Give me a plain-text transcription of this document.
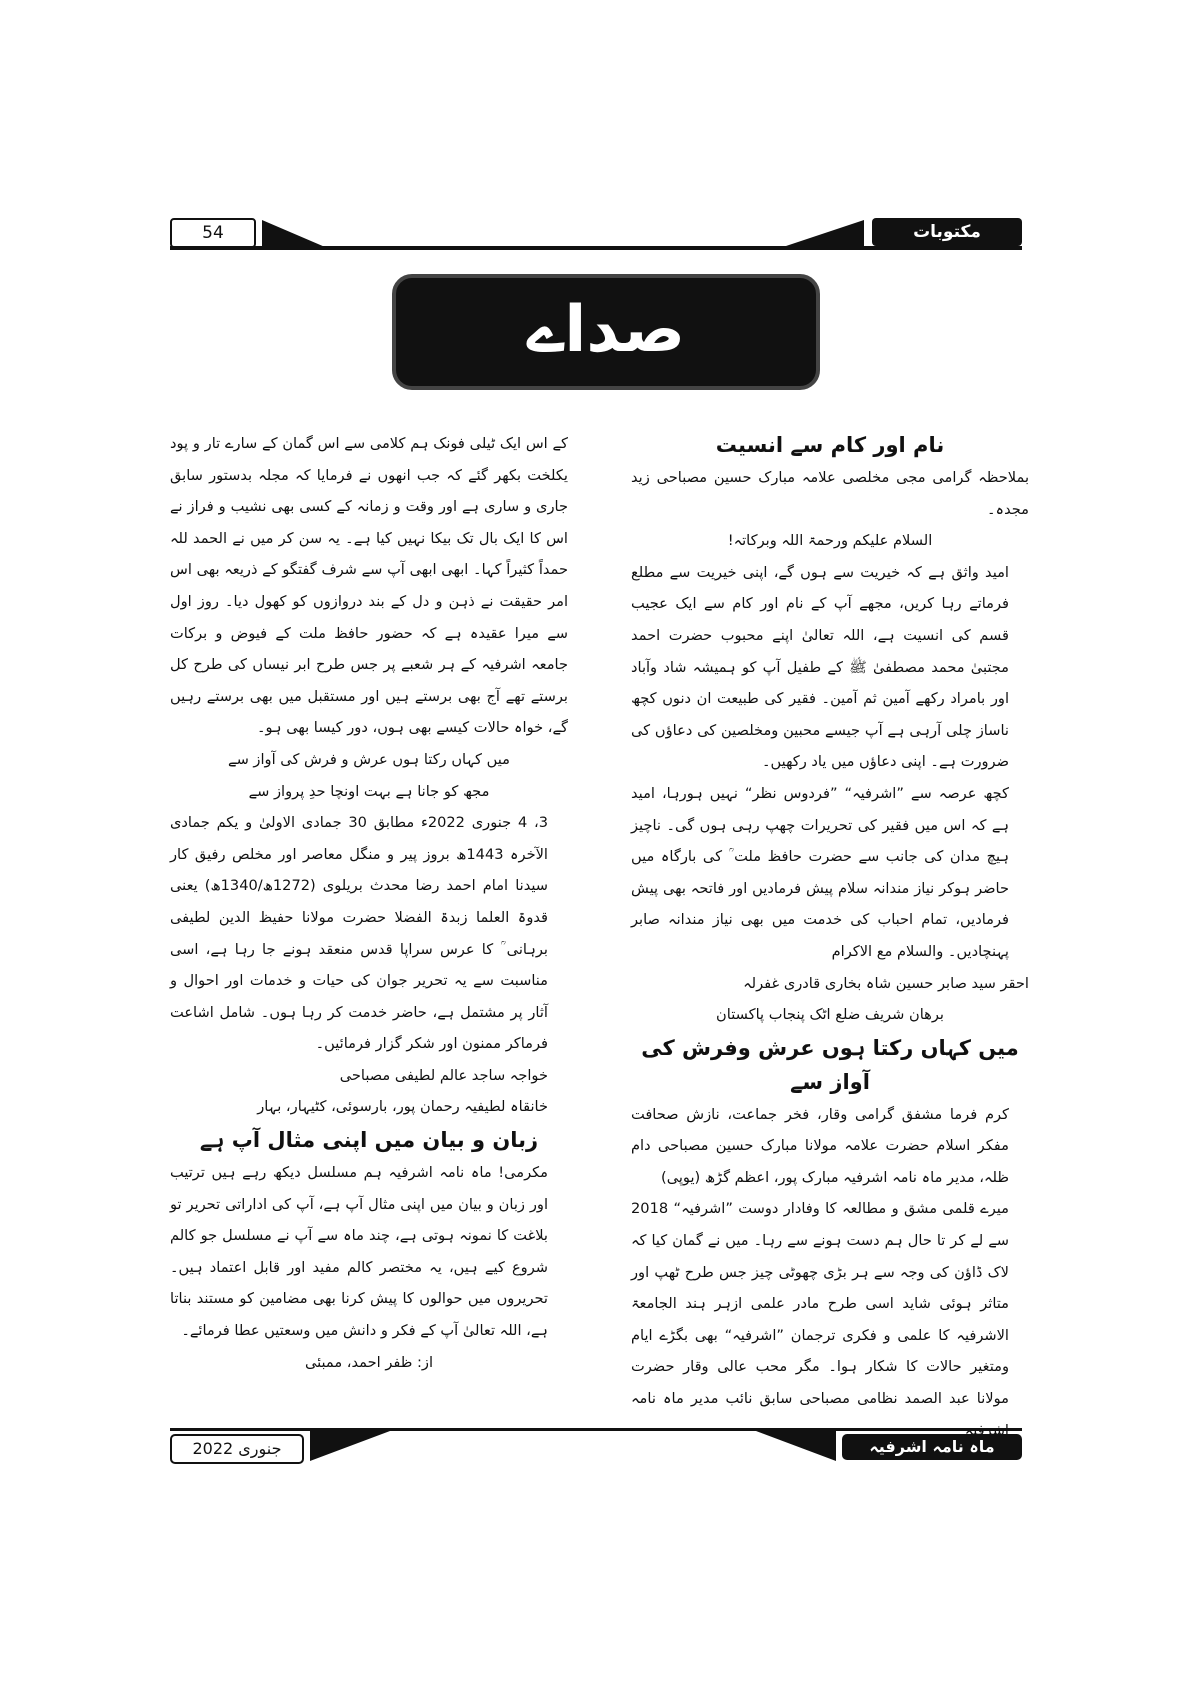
54	مکتوبات
صداے بازگشت
نام اور کام سے انسیت

بملاحظہ گرامی مجی مخلصی علامہ مبارک حسین مصباحی زید مجدہ۔

السلام علیکم ورحمۃ اللہ وبرکاتہ!

امید واثق ہے کہ خیریت سے ہوں گے، اپنی خیریت سے مطلع فرماتے رہا کریں، مجھے آپ کے نام اور کام سے ایک عجیب قسم کی انسیت ہے، اللہ تعالیٰ اپنے محبوب حضرت احمد مجتبیٰ محمد مصطفیٰ ﷺ کے طفیل آپ کو ہمیشہ شاد وآباد اور بامراد رکھے آمین ثم آمین۔ فقیر کی طبیعت ان دنوں کچھ ناساز چلی آرہی ہے آپ جیسے محبین ومخلصین کی دعاؤں کی ضرورت ہے۔ اپنی دعاؤں میں یاد رکھیں۔

کچھ عرصہ سے ”اشرفیہ“ ”فردوس نظر“ نہیں ہورہا، امید ہے کہ اس میں فقیر کی تحریرات چھپ رہی ہوں گی۔ ناچیز ہیچ مدان کی جانب سے حضرت حافظ ملت ؒ کی بارگاہ میں حاضر ہوکر نیاز مندانہ سلام پیش فرمادیں اور فاتحہ بھی پیش فرمادیں، تمام احباب کی خدمت میں بھی نیاز مندانہ صابر پہنچادیں۔ والسلام مع الاکرام

احقر سید صابر حسین شاہ بخاری قادری غفرلہ

برھان شریف ضلع اٹک پنجاب پاکستان

میں کہاں رکتا ہوں عرش وفرش کی آواز سے

کرم فرما مشفق گرامی وقار، فخر جماعت، نازش صحافت مفکر اسلام حضرت علامہ مولانا مبارک حسین مصباحی دام ظلہ، مدیر ماہ نامہ اشرفیہ مبارک پور، اعظم گڑھ (یوپی)

میرے قلمی مشق و مطالعہ کا وفادار دوست ”اشرفیہ“ 2018 سے لے کر تا حال ہم دست ہونے سے رہا۔ میں نے گمان کیا کہ لاک ڈاؤن کی وجہ سے ہر بڑی چھوٹی چیز جس طرح ٹھپ اور متاثر ہوئی شاید اسی طرح مادر علمی ازہر ہند الجامعۃ الاشرفیہ کا علمی و فکری ترجمان ”اشرفیہ“ بھی بگڑے ایام ومتغیر حالات کا شکار ہوا۔ مگر محب عالی وقار حضرت مولانا عبد الصمد نظامی مصباحی سابق نائب مدیر ماہ نامہ

کے اس ایک ٹیلی فونک ہم کلامی سے اس گمان کے سارے تار و پود یکلخت بکھر گئے کہ جب انھوں نے فرمایا کہ مجلہ بدستور سابق جاری و ساری ہے اور وقت و زمانہ کے کسی بھی نشیب و فراز نے اس کا ایک بال تک بیکا نہیں کیا ہے۔ یہ سن کر میں نے الحمد للہ حمداً کثیراً کہا۔ ابھی ابھی آپ سے شرف گفتگو کے ذریعہ بھی اس امر حقیقت نے ذہن و دل کے بند دروازوں کو کھول دیا۔ روز اول سے میرا عقیدہ ہے کہ حضور حافظ ملت کے فیوض و برکات جامعہ اشرفیہ کے ہر شعبے پر جس طرح ابر نیساں کی طرح کل برستے تھے آج بھی برستے ہیں اور مستقبل میں بھی برستے رہیں گے، خواہ حالات کیسے بھی ہوں، دور کیسا بھی ہو۔

میں کہاں رکتا ہوں عرش و فرش کی آواز سے

مجھ کو جانا ہے بہت اونچا حدِ پرواز سے

3، 4 جنوری 2022ء مطابق 30 جمادی الاولیٰ و یکم جمادی الآخرہ 1443ھ بروز پیر و منگل معاصر اور مخلص رفیق کار سیدنا امام احمد رضا محدث بریلوی (1272ھ/1340ھ) یعنی قدوۃ العلما زبدۃ الفضلا حضرت مولانا حفیظ الدین لطیفی برہانی ؒ کا عرس سراپا قدس منعقد ہونے جا رہا ہے، اسی مناسبت سے یہ تحریر جوان کی حیات و خدمات اور احوال و آثار پر مشتمل ہے، حاضر خدمت کر رہا ہوں۔ شامل اشاعت فرماکر ممنون اور شکر گزار فرمائیں۔

خواجہ ساجد عالم لطیفی مصباحی

خانقاہ لطیفیہ رحمان پور، بارسوئی، کٹیہار، بہار

زبان و بیان میں اپنی مثال آپ ہے

مکرمی! ماہ نامہ اشرفیہ ہم مسلسل دیکھ رہے ہیں ترتیب اور زبان و بیان میں اپنی مثال آپ ہے، آپ کی اداراتی تحریر تو بلاغت کا نمونہ ہوتی ہے، چند ماہ سے آپ نے مسلسل جو کالم شروع کیے ہیں، یہ مختصر کالم مفید اور قابل اعتماد ہیں۔ تحریروں میں حوالوں کا پیش کرنا بھی مضامین کو مستند بناتا ہے، اللہ تعالیٰ آپ کے فکر و دانش میں وسعتیں عطا فرمائے۔

از: ظفر احمد، ممبئی

جنوری 2022	ماہ نامہ اشرفیہ
